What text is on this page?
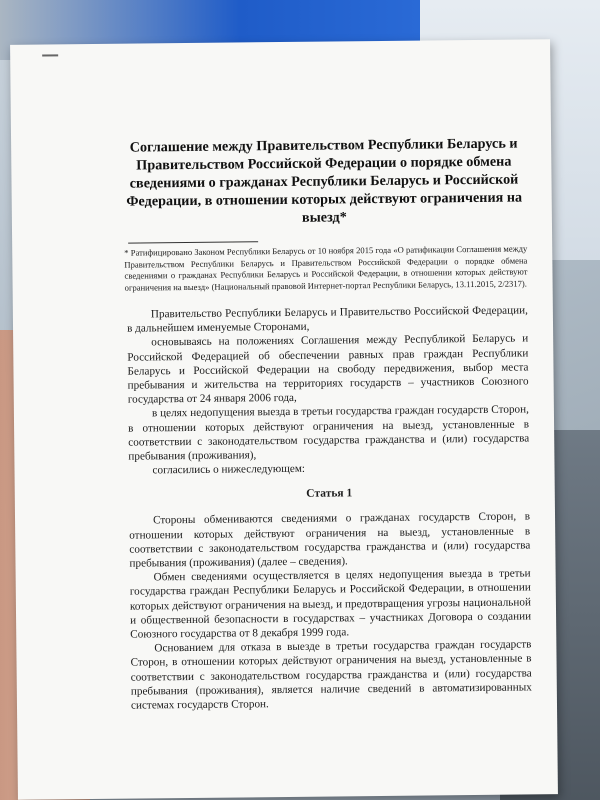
Соглашение между Правительством Республики Беларусь и Правительством Российской Федерации о порядке обмена сведениями о гражданах Республики Беларусь и Российской Федерации, в отношении которых действуют ограничения на выезд*
* Ратифицировано Законом Республики Беларусь от 10 ноября 2015 года «О ратификации Соглашения между Правительством Республики Беларусь и Правительством Российской Федерации о порядке обмена сведениями о гражданах Республики Беларусь и Российской Федерации, в отношении которых действуют ограничения на выезд» (Национальный правовой Интернет-портал Республики Беларусь, 13.11.2015, 2/2317).

Правительство Республики Беларусь и Правительство Российской Федерации, в дальнейшем именуемые Сторонами,

основываясь на положениях Соглашения между Республикой Беларусь и Российской Федерацией об обеспечении равных прав граждан Республики Беларусь и Российской Федерации на свободу передвижения, выбор места пребывания и жительства на территориях государств – участников Союзного государства от 24 января 2006 года,

в целях недопущения выезда в третьи государства граждан государств Сторон, в отношении которых действуют ограничения на выезд, установленные в соответствии с законодательством государства гражданства и (или) государства пребывания (проживания),

согласились о нижеследующем:

Статья 1

Стороны обмениваются сведениями о гражданах государств Сторон, в отношении которых действуют ограничения на выезд, установленные в соответствии с законодательством государства гражданства и (или) государства пребывания (проживания) (далее – сведения).

Обмен сведениями осуществляется в целях недопущения выезда в третьи государства граждан Республики Беларусь и Российской Федерации, в отношении которых действуют ограничения на выезд, и предотвращения угрозы национальной и общественной безопасности в государствах – участниках Договора о создании Союзного государства от 8 декабря 1999 года.

Основанием для отказа в выезде в третьи государства граждан государств Сторон, в отношении которых действуют ограничения на выезд, установленные в соответствии с законодательством государства гражданства и (или) государства пребывания (проживания), является наличие сведений в автоматизированных системах государств Сторон.
